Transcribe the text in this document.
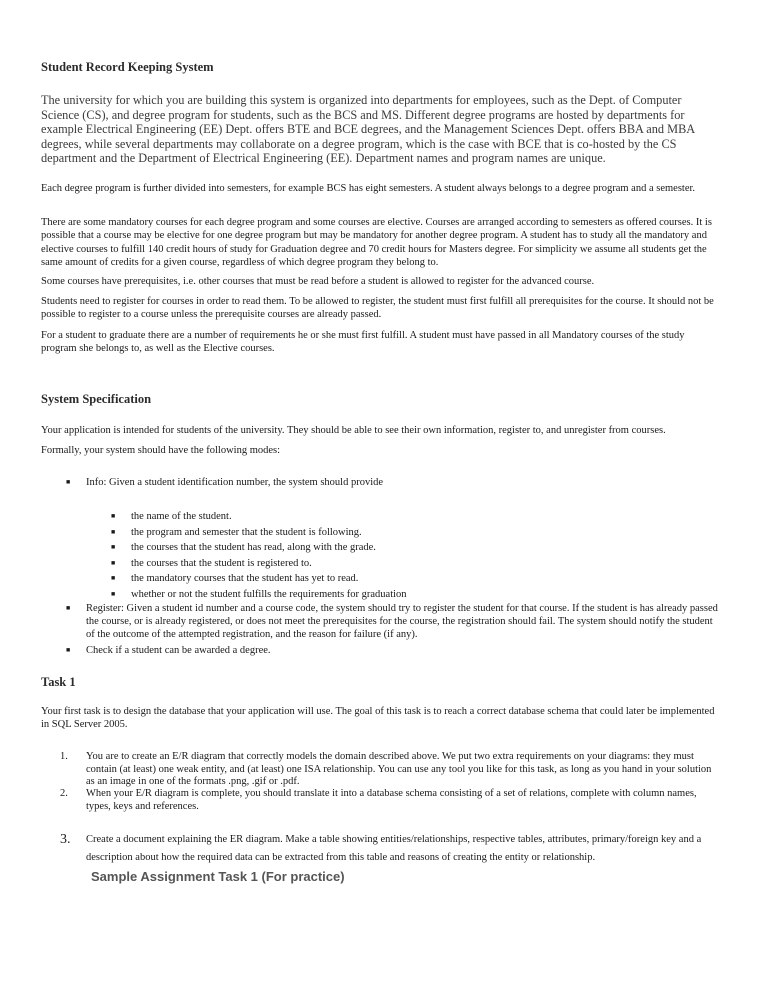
Student Record Keeping System

The university for which you are building this system is organized into departments for employees, such as the Dept. of Computer Science (CS), and degree program for students, such as the BCS and MS. Different degree programs are hosted by departments for example Electrical Engineering (EE) Dept. offers BTE and BCE degrees, and the Management Sciences Dept. offers BBA and MBA degrees, while several departments may collaborate on a degree program, which is the case with BCE that is co-hosted by the CS department and the Department of Electrical Engineering (EE). Department names and program names are unique.

Each degree program is further divided into semesters, for example BCS has eight semesters. A student always belongs to a degree program and a semester.

There are some mandatory courses for each degree program and some courses are elective. Courses are arranged according to semesters as offered courses. It is possible that a course may be elective for one degree program but may be mandatory for another degree program. A student has to study all the mandatory and elective courses to fulfill 140 credit hours of study for Graduation degree and 70 credit hours for Masters degree. For simplicity we assume all students get the same amount of credits for a given course, regardless of which degree program they belong to.

Some courses have prerequisites, i.e. other courses that must be read before a student is allowed to register for the advanced course.

Students need to register for courses in order to read them. To be allowed to register, the student must first fulfill all prerequisites for the course. It should not be possible to register to a course unless the prerequisite courses are already passed.

For a student to graduate there are a number of requirements he or she must first fulfill. A student must have passed in all Mandatory courses of the study program she belongs to, as well as the Elective courses.

System Specification

Your application is intended for students of the university. They should be able to see their own information, register to, and unregister from courses.

Formally, your system should have the following modes:

■ Info: Given a student identification number, the system should provide
■ the name of the student.
■ the program and semester that the student is following.
■ the courses that the student has read, along with the grade.
■ the courses that the student is registered to.
■ the mandatory courses that the student has yet to read.
■ whether or not the student fulfills the requirements for graduation
■ Register: Given a student id number and a course code, the system should try to register the student for that course. If the student is has already passed the course, or is already registered, or does not meet the prerequisites for the course, the registration should fail. The system should notify the student of the outcome of the attempted registration, and the reason for failure (if any).
■ Check if a student can be awarded a degree.
Task 1

Your first task is to design the database that your application will use. The goal of this task is to reach a correct database schema that could later be implemented in SQL Server 2005.

1. You are to create an E/R diagram that correctly models the domain described above. We put two extra requirements on your diagrams: they must contain (at least) one weak entity, and (at least) one ISA relationship. You can use any tool you like for this task, as long as you hand in your solution as an image in one of the formats .png, .gif or .pdf.
2. When your E/R diagram is complete, you should translate it into a database schema consisting of a set of relations, complete with column names, types, keys and references.
3. Create a document explaining the ER diagram. Make a table showing entities/relationships, respective tables, attributes, primary/foreign key and a description about how the required data can be extracted from this table and reasons of creating the entity or relationship.
Sample Assignment Task 1 (For practice)
